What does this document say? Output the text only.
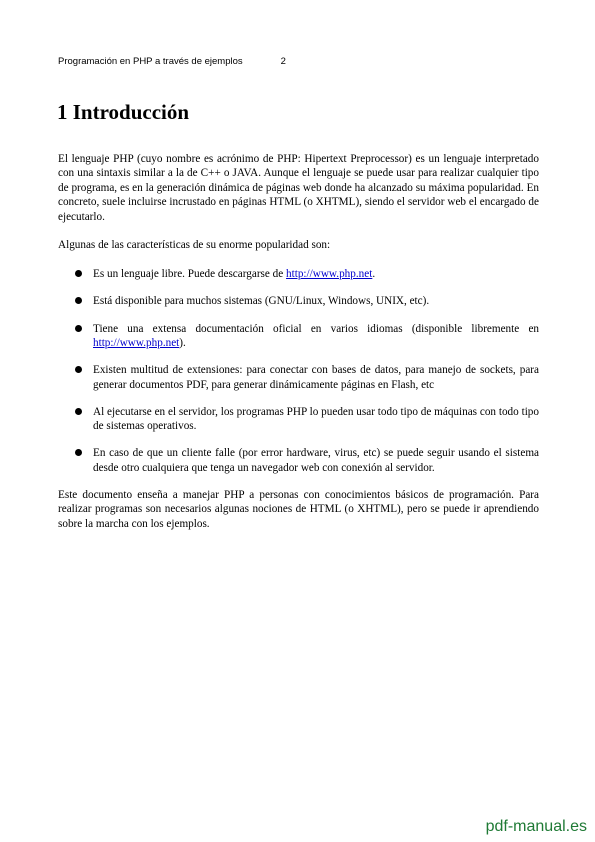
Programación en PHP a través de ejemplos	2
1 Introducción

El lenguaje PHP (cuyo nombre es acrónimo de PHP: Hipertext Preprocessor) es un lenguaje interpretado con una sintaxis similar a la de C++ o JAVA. Aunque el lenguaje se puede usar para realizar cualquier tipo de programa, es en la generación dinámica de páginas web donde ha alcanzado su máxima popularidad. En concreto, suele incluirse incrustado en páginas HTML (o XHTML), siendo el servidor web el encargado de ejecutarlo.

Algunas de las características de su enorme popularidad son:

Es un lenguaje libre. Puede descargarse de http://www.php.net.
Está disponible para muchos sistemas (GNU/Linux, Windows, UNIX, etc).
Tiene una extensa documentación oficial en varios idiomas (disponible libremente en http://www.php.net).
Existen multitud de extensiones: para conectar con bases de datos, para manejo de sockets, para generar documentos PDF, para generar dinámicamente páginas en Flash, etc
Al ejecutarse en el servidor, los programas PHP lo pueden usar todo tipo de máquinas con todo tipo de sistemas operativos.
En caso de que un cliente falle (por error hardware, virus, etc) se puede seguir usando el sistema desde otro cualquiera que tenga un navegador web con conexión al servidor.

Este documento enseña a manejar PHP a personas con conocimientos básicos de programación. Para realizar programas son necesarios algunas nociones de HTML (o XHTML), pero se puede ir aprendiendo sobre la marcha con los ejemplos.

pdf-manual.es
